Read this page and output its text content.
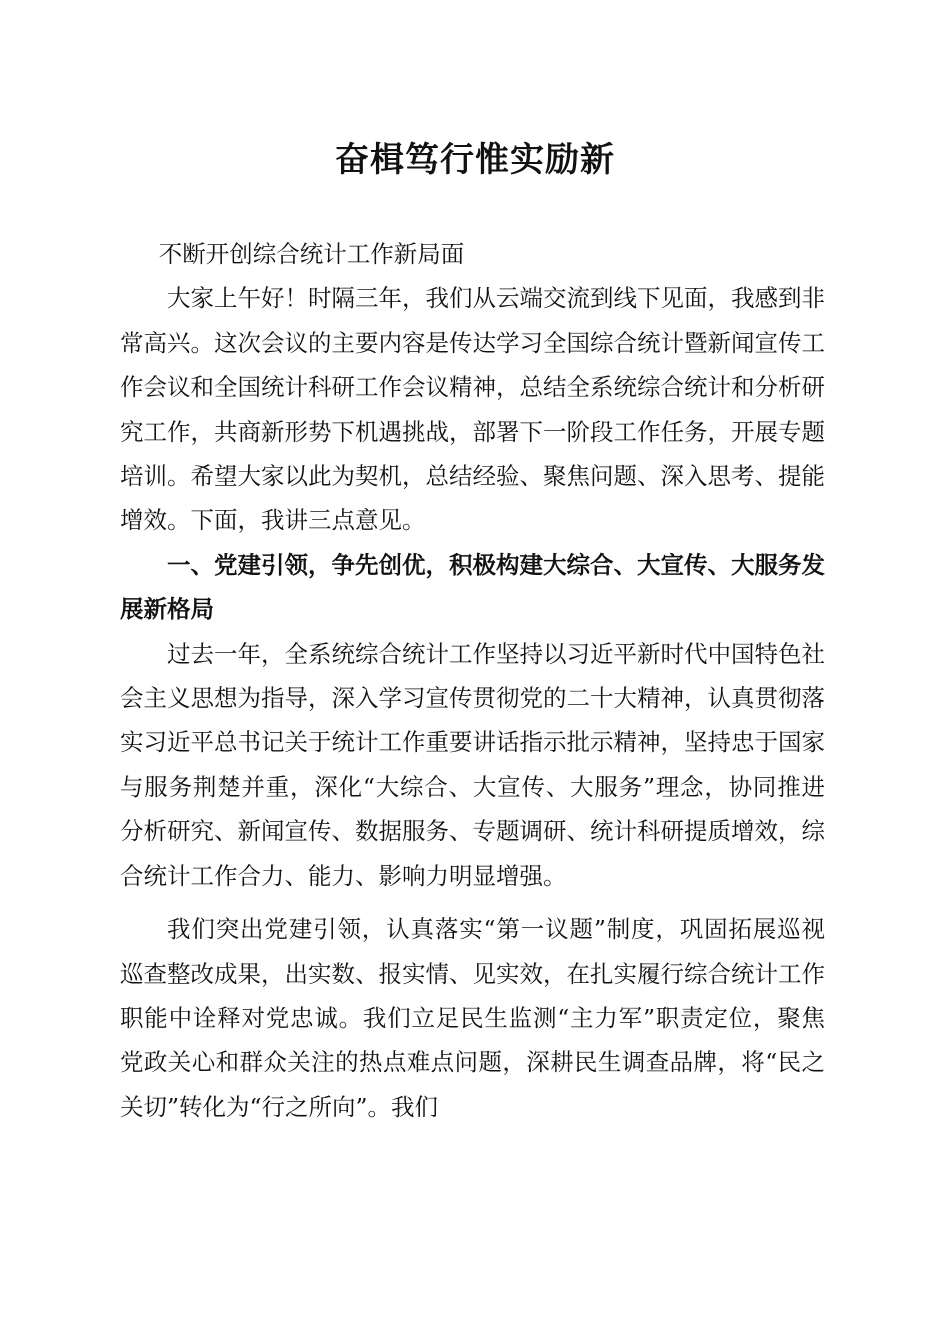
奋楫笃行惟实励新

不断开创综合统计工作新局面

大家上午好！时隔三年，我们从云端交流到线下见面，我感到非常高兴。这次会议的主要内容是传达学习全国综合统计暨新闻宣传工作会议和全国统计科研工作会议精神，总结全系统综合统计和分析研究工作，共商新形势下机遇挑战，部署下一阶段工作任务，开展专题培训。希望大家以此为契机，总结经验、聚焦问题、深入思考、提能增效。下面，我讲三点意见。

一、党建引领，争先创优，积极构建大综合、大宣传、大服务发展新格局

过去一年，全系统综合统计工作坚持以习近平新时代中国特色社会主义思想为指导，深入学习宣传贯彻党的二十大精神，认真贯彻落实习近平总书记关于统计工作重要讲话指示批示精神，坚持忠于国家与服务荆楚并重，深化“大综合、大宣传、大服务”理念，协同推进分析研究、新闻宣传、数据服务、专题调研、统计科研提质增效，综合统计工作合力、能力、影响力明显增强。

我们突出党建引领，认真落实“第一议题”制度，巩固拓展巡视巡查整改成果，出实数、报实情、见实效，在扎实履行综合统计工作职能中诠释对党忠诚。我们立足民生监测“主力军”职责定位，聚焦党政关心和群众关注的热点难点问题，深耕民生调查品牌，将“民之关切”转化为“行之所向”。我们
